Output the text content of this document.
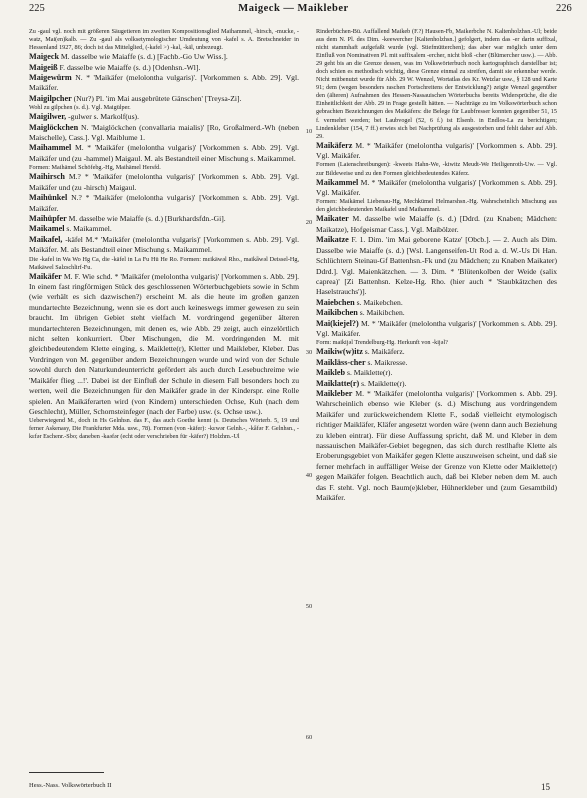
225	Maigeck — Maikleber	226

Zu -gaul vgl. noch mit größeren Säugetieren im zweiten Kompositionsglied Maihammel, -hirsch, -mucke, -watz, Mai(en)kalb. — Zu -gaul als volksetymologischer Umdeutung von -kafel s. A. Bretschneider in Hessenland 1927, 86; doch ist das Mittelglied, (-kafel >) -kal, -käl, unbezeugt.

Maigeck M. dasselbe wie Maiaffe (s. d.) [Fachb.-Go Uw Wiss.].

Maigeiß F. dasselbe wie Maiaffe (s. d.) [Odenhsn.-Wl].

Maigewürm N. * 'Maikäfer (melolontha vulgaris)'. [Vorkommen s. Abb. 29]. Vgl. Maikäfer.

Maigilpcher (Nur?) Pl. 'im Mai ausgebrütete Gänschen' [Treysa-Zi].

Wohl zu gilpchen (s. d.). Vgl. Maigülper.

Maigilwer, -gulwer s. Markolf(us).

Maiglöckchen N. 'Maiglöckchen (convallaria maialis)' [Ro, Großalmerd.-Wh (neben Maischelle), Cass.]. Vgl. Maiblume 1.

Maihammel M. * 'Maikäfer (melolontha vulgaris)' [Vorkommen s. Abb. 29]. Vgl. Maikäfer und (zu -hammel) Maigaul. M. als Bestandteil einer Mischung s. Maikammel.

Formen: Maihämel Schöfebg.-Hg, Maihämel Hersfd.

Maihirsch M.? * 'Maikäfer (melolontha vulgaris)' [Vorkommen s. Abb. 29]. Vgl. Maikäfer und (zu -hirsch) Maigaul.

Maihünkel N.? * 'Maikäfer (melolontha vulgaris)' [Vorkommen s. Abb. 29]. Vgl. Maikäfer.

Maihüpfer M. dasselbe wie Maiaffe (s. d.) [Burkhardsfdn.-Gi].

Maikamel s. Maikammel.

Maikafel, -käfel M.* 'Maikäfer (melolontha vulgaris)' [Vorkommen s. Abb. 29]. Vgl. Maikäfer. M. als Bestandteil einer Mischung s. Maikammel.

Die -kafel in Wa Wo Hg Ca, die -käfel in La Fu Hü He Ro. Formen: mɛikäwəl Rho., maikǟwəl Deissel-Hg, Maikäwel Salzschlirf-Fu.

Maikäfer M. F. Wie schd. * 'Maikäfer (melolontha vulgaris)' [Vorkommen s. Abb. 29]. In einem fast ringförmigen Stück des geschlossenen Wörterbuchgebiets sowie in Schm (wie verhält es sich dazwischen?) erscheint M. als die heute im großen ganzen mundartechte Bezeichnung, wenn sie es dort auch keineswegs immer gewesen zu sein braucht. Im übrigen Gebiet steht vielfach M. vordringend gegenüber älteren mundartechteren Bezeichnungen, mit denen es, wie Abb. 29 zeigt, auch einzelörtlich nicht selten konkurriert. Über Mischungen, die M. vordringenden M. mit gleichbedeutendem Klette einging, s. Maiklette(r), Kletter und Maikleber, Kleber. Das Vordringen von M. gegenüber andern Bezeichnungen wurde und wird von der Schule sowohl durch den Naturkundeunterricht gefördert als auch durch Lesebuchreime wie 'Maikäfer flieg ...!'. Dabei ist der Einfluß der Schule in diesem Fall besonders hoch zu werten, weil die Bezeichnungen für den Maikäfer grade in der Kinderspr. eine Rolle spielen. An Maikäferarten wird (von Kindern) unterschieden Ochse, Kuh (nach dem Geschlecht), Müller, Schornsteinfeger (nach der Farbe) usw. (s. Ochse usw.).

Ueberwiegend M., doch in Hs Gelnhsn. das F., das auch Goethe kennt (s. Deutsches Wörterb. 5, 19 und ferner Askenasy, Die Frankfurter Mda. usw., 78). Formen (von -käfer): -kɛwər Gelnh.-, -kǟfǝr F. Gelnhsn., -kɛfər Eschenr.-Sbo; daneben -kaǝfər (echt oder verschrieben für -käfer?) Holzhm.-Ul

10
20
30
40
50
60

Rinderbüchen-Bü. Auffallend Maikeb (F.?) Hausen-Fb, Maikerbche N. Kaltenholzhsn.-Ul; beide aus dem N. Pl. des Dim. -keewercher [Kaltenholzhsn.] gefolgert, indem das -er darin suffixal, nicht stammhaft aufgefaßt wurde (vgl. Stiefmütterchen); das aber war möglich unter dem Einfluß von Nominativen Pl. mit suffixalem -ercher, nicht bloß -cher (Blümercher usw.). — Abb. 29 geht bis an die Grenze dessen, was im Volkswörterbuch noch kartographisch darstellbar ist; doch schien es methodisch wichtig, diese Grenze einmal zu streifen, damit sie erkennbar werde. Nicht mitbenutzt wurde für Abb. 29 W. Wenzel, Wortatlas des Kr. Wetzlar usw., § 128 und Karte 91; dem (wegen besonders raschen Fortschreitens der Entwicklung?) zeigte Wenzel gegenüber den (älteren) Aufnahmen des Hessen-Nassauischen Wörterbuchs bereits Widersprüche, die die Einheitlichkeit der Abb. 29 in Frage gestellt hätten. — Nachträge zu im Volkswörterbuch schon gebrachten Bezeichnungen des Maikäfers: die Belege für Laubfresser konnten gegenüber 51, 15 f. vermehrt werden; bei Laubvogel (52, 6 f.) ist Elsenb. in Endlos-La zu berichtigen; Lindenkleber (154, 7 ff.) erwies sich bei Nachprüfung als ausgestorben und fehlt daher auf Abb. 29.

Maikäferz M. * 'Maikäfer (melolontha vulgaris)' [Vorkommen s. Abb. 29]. Vgl. Maikäfer.

Formen (Laienschreibungen): -kweets Hahn-We, -kiwitz Meudt-We Heiligenroth-Uw. — Vgl. zur Bildeweise und zu den Formen gleichbedeutendes Käferz.

Maikammel M. * 'Maikäfer (melolontha vulgaris)' [Vorkommen s. Abb. 29]. Vgl. Maikäfer.

Formen: Maikämel Liebenau-Hg, Mechkümel Helmarshsn.-Hg. Wahrscheinlich Mischung aus den gleichbedeutenden Maikafel und Maihammel.

Maikater M. dasselbe wie Maiaffe (s. d.) [Ddrd. (zu Knaben; Mädchen: Maikatze), Hofgeismar Cass.]. Vgl. Maibölzer.

Maikatze F. 1. Dim. 'im Mai geborene Katze' [Obcb.]. — 2. Auch als Dim. Dasselbe wie Maiaffe (s. d.) [Wsl. Langenseifen-Ut Rod a. d. W.-Us Di Han. Schlüchtern Steinau-Gf Battenhsn.-Fk und (zu Mädchen; zu Knaben Maikater) Ddrd.]. Vgl. Maienkätzchen. — 3. Dim. * 'Blütenkolben der Weide (salix caprea)' [Zi Battenhsn. Kelze-Hg. Rho. (hier auch * 'Staubkätzchen des Haselstrauchs')].

Maiebchen s. Maikebchen.

Maikibchen s. Maikibchen.

Mai(kiejel?) M. * 'Maikäfer (melolontha vulgaris)' [Vorkommen s. Abb. 29]. Vgl. Maikäfer.

Form: maikijǝl Trendelburg-Hg. Herkunft von -kijǝl?

Maikiw(w)itz s. Maikäferz.

Maikläss-cher s. Maikresse.

Maikleb s. Maiklette(r).

Maiklatte(r) s. Maiklette(r).

Maikleber M. * 'Maikäfer (melolontha vulgaris)' [Vorkommen s. Abb. 29]. Wahrscheinlich ebenso wie Kleber (s. d.) Mischung aus vordringendem Maikäfer und zurückweichendem Klette F., sodaß vielleicht etymologisch richtiger Maikläfer, Kläfer angesetzt worden wäre (wenn dann auch Beziehung zu kleben eintrat). Für diese Auffassung spricht, daß M. und Kleber in dem nassauischen Maikäfer-Gebiet begegnen, das sich durch restlhafte Klette als Eroberungsgebiet von Maikäfer gegen Klette auszuweisen scheint, und daß sie ferner mehrfach in auffälliger Weise der Grenze von Klette oder Maiklette(r) gegen Maikäfer folgen. Beachtlich auch, daß bei Kleber neben dem M. auch das F. steht. Vgl. noch Baum(e)kleber, Hühnerkleber und (zum Gesamtbild) Maikäfer.

Hess.-Nass. Volkswörterbuch II	15
